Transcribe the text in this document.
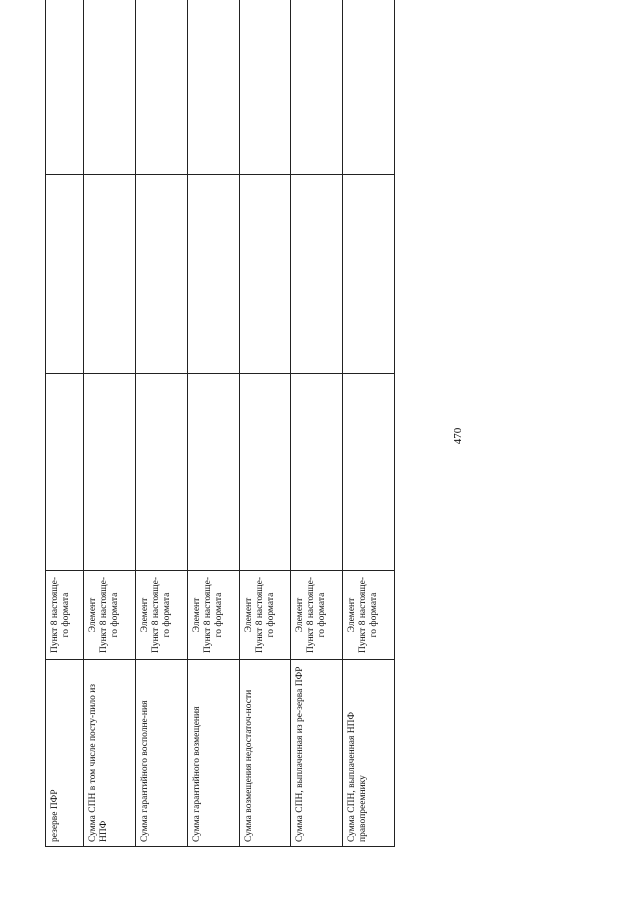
470
резерве ПФР	Пункт 8 настояще- го формата			

Сумма СПН в том числе посту-пило из НПФ	Элемент Пункт 8 настояще- го формата			

Сумма гарантийного восполне-ния	Элемент Пункт 8 настояще- го формата			

Сумма гарантийного возмещения	Элемент Пункт 8 настояще- го формата			

Сумма возмещения недостаточ-ности	Элемент Пункт 8 настояще- го формата			

Сумма СПН, выплаченная из ре-зерва ПФР	Элемент Пункт 8 настояще- го формата			

Сумма СПН, выплаченная НПФ правопреемнику	Элемент Пункт 8 настояще- го формата			
